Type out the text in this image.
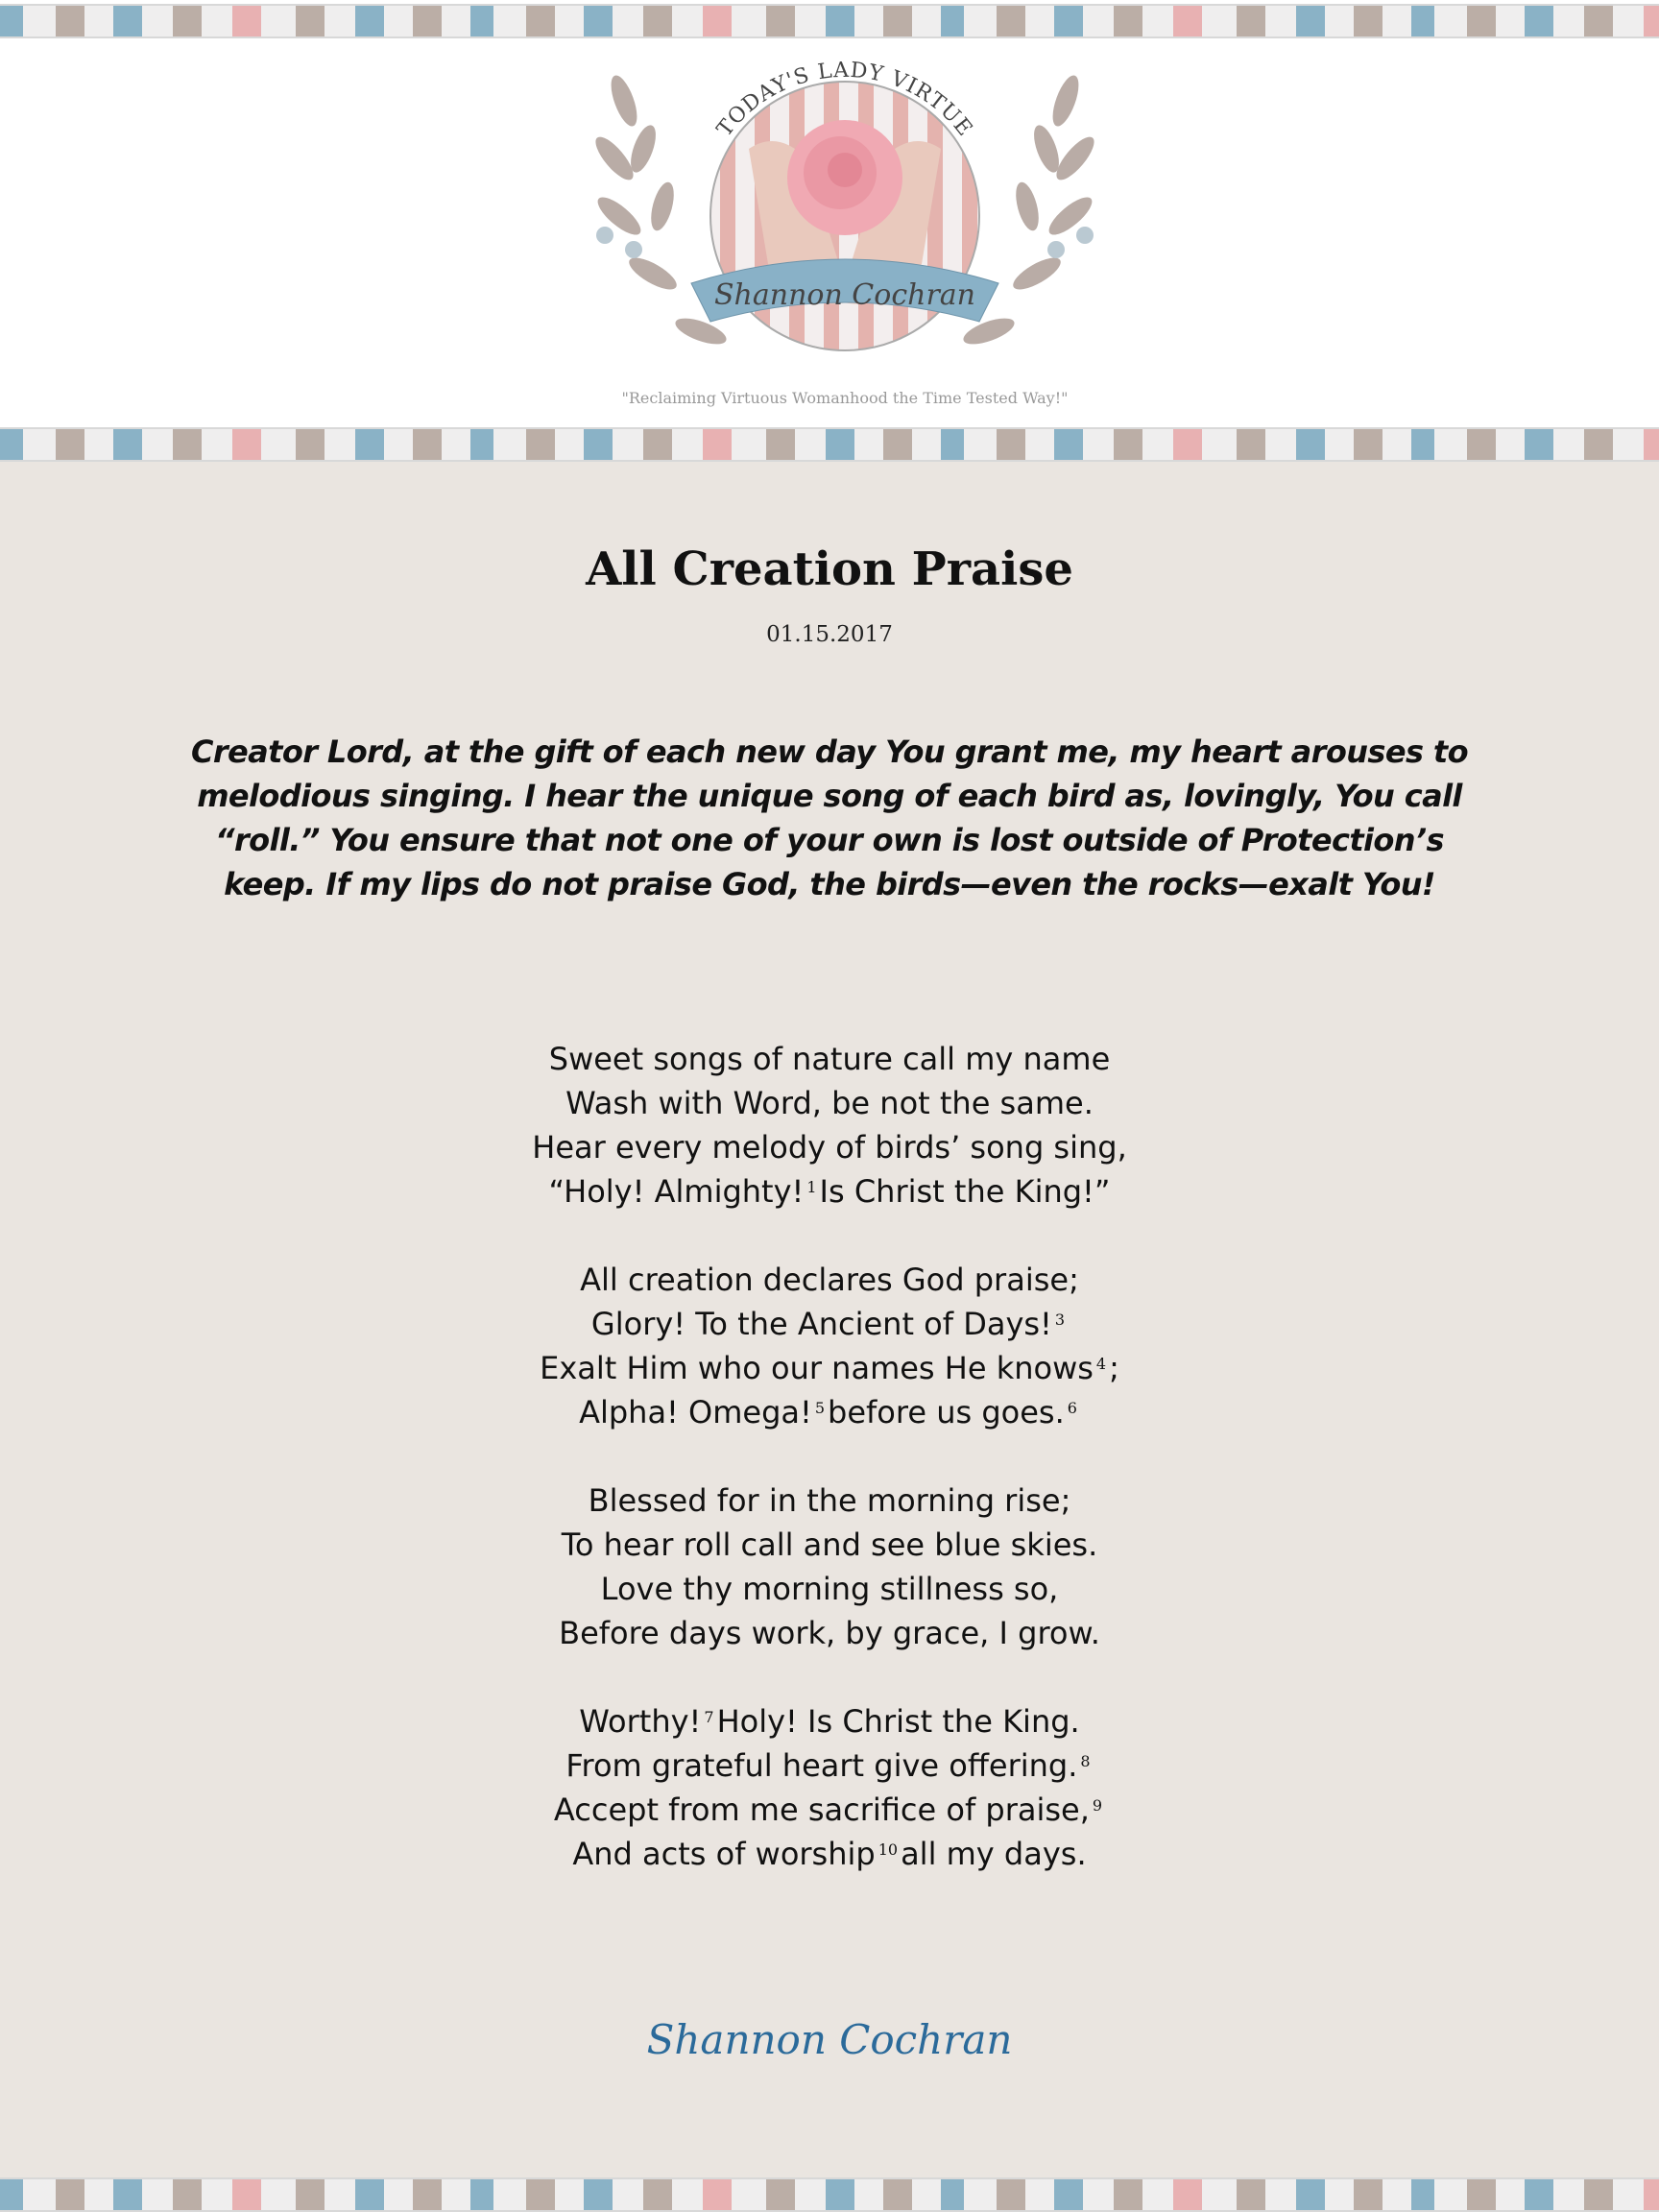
TODAY'S LADY VIRTUE
Shannon Cochran
"Reclaiming Virtuous Womanhood the Time Tested Way!"
All Creation Praise
01.15.2017

Creator Lord, at the gift of each new day You grant me, my heart arouses to melodious singing. I hear the unique song of each bird as, lovingly, You call “roll.” You ensure that not one of your own is lost outside of Protection’s keep. If my lips do not praise God, the birds—even the rocks—exalt You!

Sweet songs of nature call my name
Wash with Word, be not the same.
Hear every melody of birds’ song sing,
“Holy! Almighty! $^1$Is Christ the King!”
All creation declares God praise;
Glory! To the Ancient of Days! $^3$
Exalt Him who our names He knows $^4$;
Alpha! Omega! $^5$before us goes. $^6$
Blessed for in the morning rise;
To hear roll call and see blue skies.
Love thy morning stillness so,
Before days work, by grace, I grow.
Worthy! $^7$Holy! Is Christ the King.
From grateful heart give offering. $^8$
Accept from me sacrifice of praise, $^9$
And acts of worship $^{10}$all my days.
Shannon Cochran
